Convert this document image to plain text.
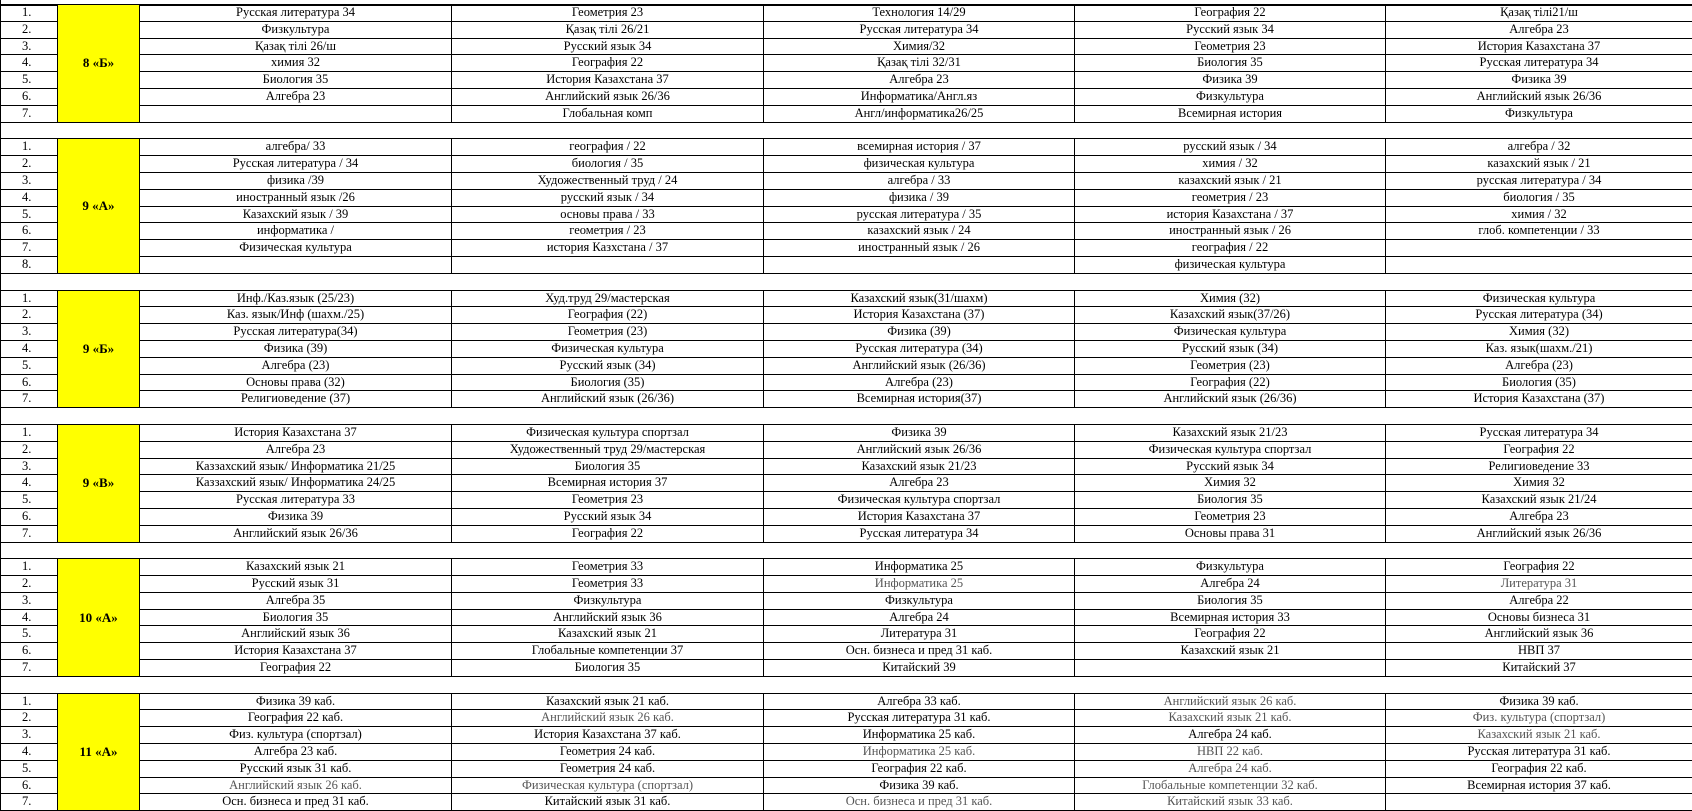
1.	8 «Б»	Русская литература 34	Геометрия 23	Технология 14/29	География 22	Қазақ тілі21/ш
2.		Физкультура	Қазақ тілі 26/21	Русская литература 34	Русский язык 34	Алгебра 23
3.		Қазақ тілі 26/ш	Русский язык 34	Химия/32	Геометрия 23	История Казахстана 37
4.		химия 32	География 22	Қазақ тілі 32/31	Биология 35	Русская литература 34
5.		Биология 35	История Казахстана 37	Алгебра 23	Физика 39	Физика 39
6.		Алгебра 23	Английский язык 26/36	Информатика/Англ.яз	Физкультура	Английский язык 26/36
7.			Глобальная комп	Англ/информатика26/25	Всемирная история	Физкультура

1.	9 «А»	алгебра/ 33	география / 22	всемирная история / 37	русский язык / 34	алгебра / 32
2.		Русская литература / 34	биология / 35	физическая культура	химия / 32	казахский язык / 21
3.		физика /39	Художественный труд / 24	алгебра / 33	казахский язык / 21	русская литература / 34
4.		иностранный язык /26	русский язык / 34	физика / 39	геометрия / 23	биология / 35
5.		Казахский язык / 39	основы права / 33	русская литература / 35	история Казахстана / 37	химия / 32
6.		информатика /	геометрия / 23	казахский язык / 24	иностранный язык / 26	глоб. компетенции / 33
7.		Физическая культура	история Казхстана / 37	иностранный язык / 26	география / 22	
8.					физическая культура	

1.	9 «Б»	Инф./Каз.язык (25/23)	Худ.труд 29/мастерская	Казахский язык(31/шахм)	Химия (32)	Физическая культура
2.		Каз. язык/Инф (шахм./25)	География (22)	История Казахстана (37)	Казахский язык(37/26)	Русская литература (34)
3.		Русская литература(34)	Геометрия (23)	Физика (39)	Физическая культура	Химия (32)
4.		Физика (39)	Физическая культура	Русская литература (34)	Русский язык (34)	Каз. язык(шахм./21)
5.		Алгебра (23)	Русский язык (34)	Английский язык (26/36)	Геометрия (23)	Алгебра (23)
6.		Основы права (32)	Биология (35)	Алгебра (23)	География (22)	Биология (35)
7.		Религиоведение (37)	Английский язык (26/36)	Всемирная история(37)	Английский язык (26/36)	История Казахстана (37)

1.	9 «В»	История Казахстана 37	Физическая культура спортзал	Физика 39	Казахский язык 21/23	Русская литература 34
2.		Алгебра 23	Художественный труд 29/мастерская	Английский язык 26/36	Физическая культура спортзал	География 22
3.		Каззахский язык/ Информатика 21/25	Биология 35	Казахский язык 21/23	Русский язык 34	Религиоведение 33
4.		Каззахский язык/ Информатика 24/25	Всемирная история 37	Алгебра 23	Химия 32	Химия 32
5.		Русская литература 33	Геометрия 23	Физическая культура спортзал	Биология 35	Казахский язык 21/24
6.		Физика 39	Русский язык 34	История Казахстана 37	Геометрия 23	Алгебра 23
7.		Английский язык 26/36	География 22	Русская литература 34	Основы права 31	Английский язык 26/36

1.	10 «А»	Казахский язык 21	Геометрия 33	Информатика 25	Физкультура	География 22
2.		Русский язык 31	Геометрия 33	Информатика 25	Алгебра 24	Литература 31
3.		Алгебра 35	Физкультура	Физкультура	Биология 35	Алгебра 22
4.		Биология 35	Английский язык 36	Алгебра 24	Всемирная история 33	Основы бизнеса 31
5.		Английский язык 36	Казахский язык 21	Литература 31	География 22	Английский язык 36
6.		История Казахстана 37	Глобальные компетенции 37	Осн. бизнеса и пред 31 каб.	Казахский язык 21	НВП 37
7.		География 22	Биология 35	Китайский 39		Китайский 37

1.	11 «А»	Физика 39 каб.	Казахский язык 21 каб.	Алгебра 33 каб.	Английский язык 26 каб.	Физика 39 каб.
2.		География 22 каб.	Английский язык 26 каб.	Русская литература 31 каб.	Казахский язык 21 каб.	Физ. культура (спортзал)
3.		Физ. культура (спортзал)	История Казахстана 37 каб.	Информатика 25 каб.	Алгебра 24 каб.	Казахский язык 21 каб.
4.		Алгебра 23 каб.	Геометрия 24 каб.	Информатика 25 каб.	НВП 22 каб.	Русская литература 31 каб.
5.		Русский язык 31 каб.	Геометрия 24 каб.	География 22 каб.	Алгебра 24 каб.	География 22 каб.
6.		Английский язык 26 каб.	Физическая культура (спортзал)	Физика 39 каб.	Глобальные компетенции 32 каб.	Всемирная история 37 каб.
7.		Осн. бизнеса и пред 31 каб.	Китайский язык 31 каб.	Осн. бизнеса и пред 31 каб.	Китайский язык 33 каб.	
